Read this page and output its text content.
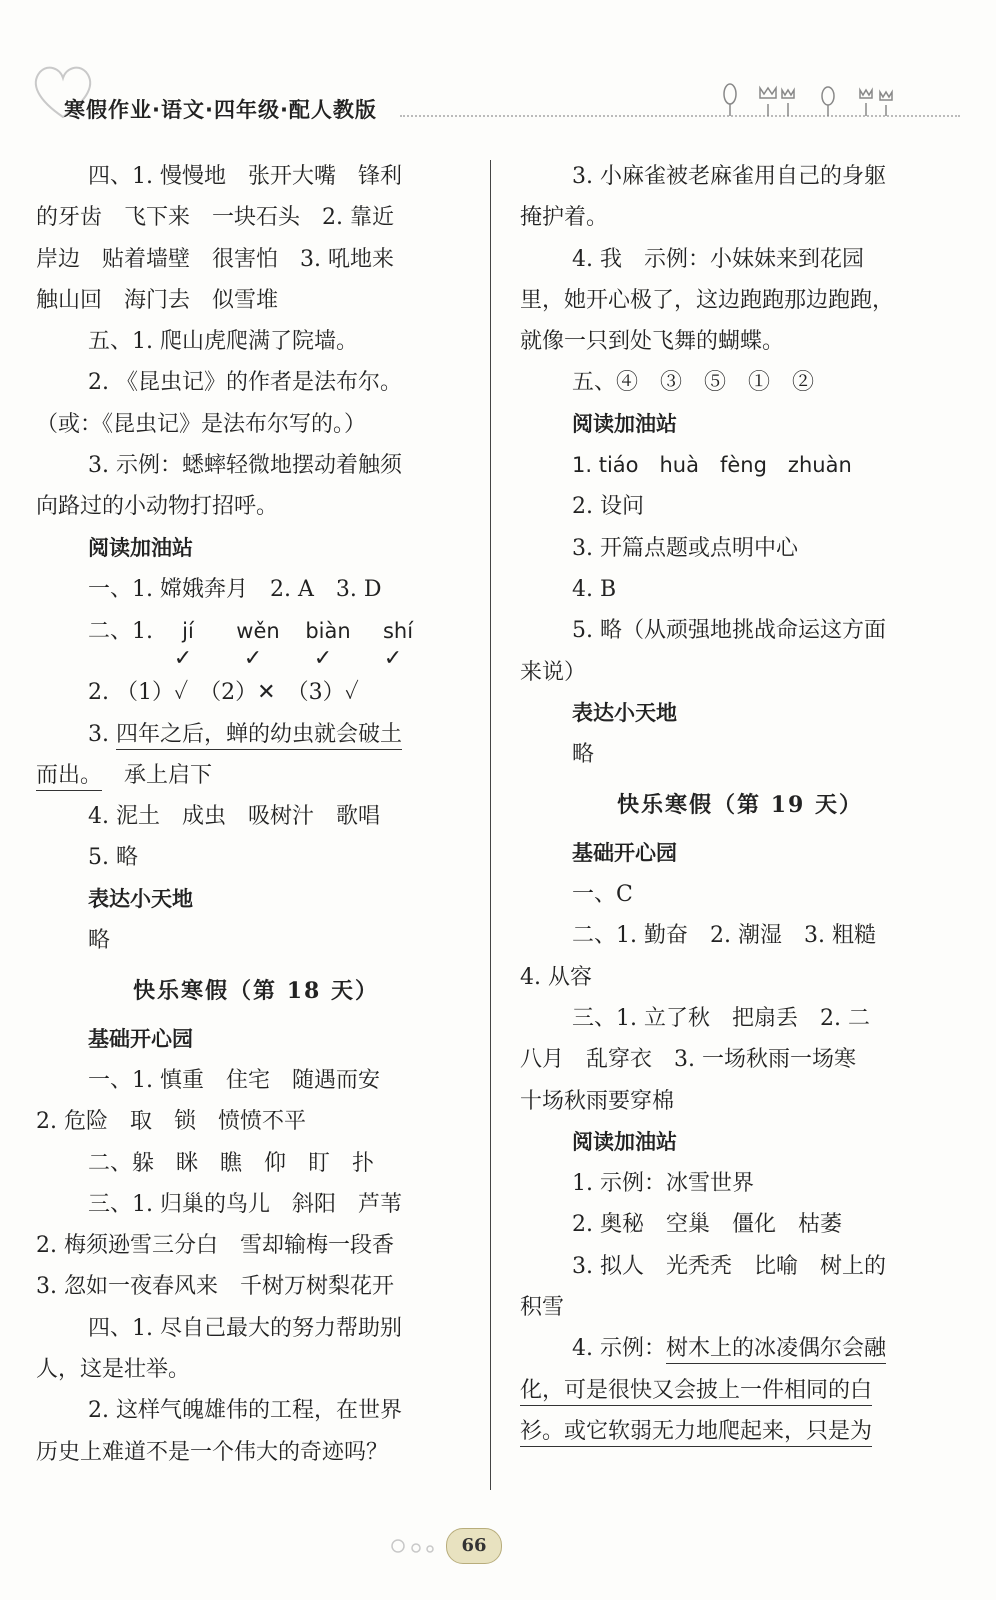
寒假作业·语文·四年级·配人教版
四、1. 慢慢地　张开大嘴　锋利
的牙齿　飞下来　一块石头　2. 靠近
岸边　贴着墙壁　很害怕　3. 吼地来
触山回　海门去　似雪堆
五、1. 爬山虎爬满了院墙。
2. 《昆虫记》的作者是法布尔。
（或：《昆虫记》是法布尔写的。）
3. 示例：蟋蟀轻微地摆动着触须
向路过的小动物打招呼。
阅读加油站
一、1. 嫦娥奔月　2. A　3. D
二、1. jí wěn biàn shí
✓ ✓ ✓ ✓
2. （1）✓　（2）✕　（3）✓
3. 四年之后，蝉的幼虫就会破土
而出。 承上启下
4. 泥土　成虫　吸树汁　歌唱
5. 略
表达小天地
略
快乐寒假（第 18 天）
基础开心园
一、1. 慎重　住宅　随遇而安
2. 危险　取　锁　愤愤不平
二、躲　眯　瞧　仰　盯　扑
三、1. 归巢的鸟儿　斜阳　芦苇
2. 梅须逊雪三分白　雪却输梅一段香
3. 忽如一夜春风来　千树万树梨花开
四、1. 尽自己最大的努力帮助别
人，这是壮举。
2. 这样气魄雄伟的工程，在世界
历史上难道不是一个伟大的奇迹吗？
3. 小麻雀被老麻雀用自己的身躯
掩护着。
4. 我　示例：小妹妹来到花园
里，她开心极了，这边跑跑那边跑跑，
就像一只到处飞舞的蝴蝶。
五、④　③　⑤　①　②
阅读加油站
1. tiáo　huà　fèng　zhuàn
2. 设问
3. 开篇点题或点明中心
4. B
5. 略（从顽强地挑战命运这方面
来说）
表达小天地
略
快乐寒假（第 19 天）
基础开心园
一、C
二、1. 勤奋　2. 潮湿　3. 粗糙
4. 从容
三、1. 立了秋　把扇丢　2. 二
八月　乱穿衣　3. 一场秋雨一场寒
十场秋雨要穿棉
阅读加油站
1. 示例：冰雪世界
2. 奥秘　空巢　僵化　枯萎
3. 拟人　光秃秃　比喻　树上的
积雪
4. 示例：树木上的冰凌偶尔会融
化，可是很快又会披上一件相同的白
衫。或它软弱无力地爬起来，只是为
66
